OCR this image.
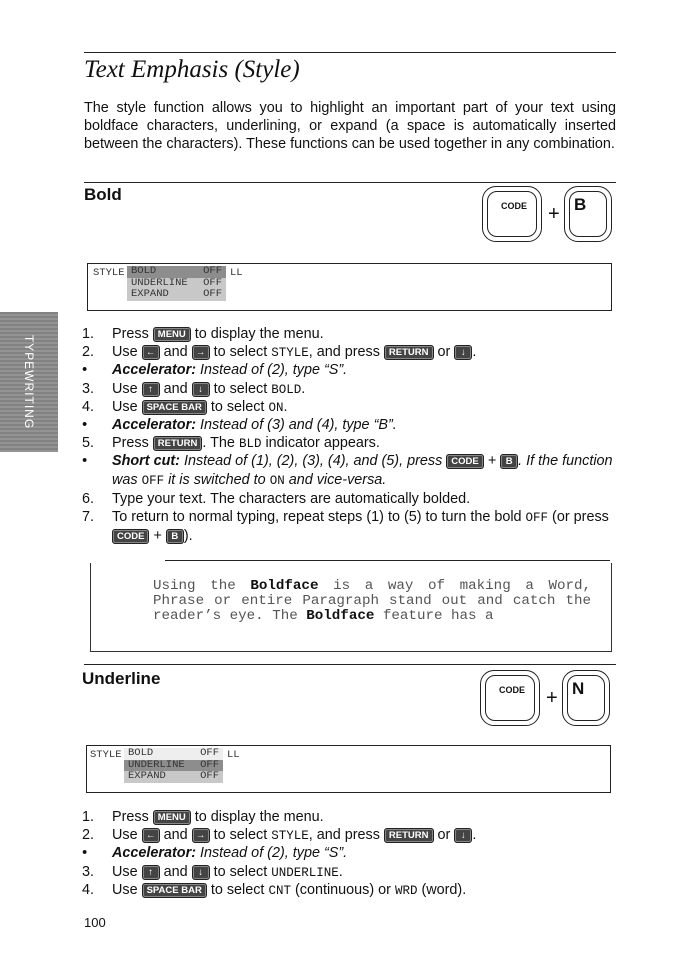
Text Emphasis (Style)
The style function allows you to highlight an important part of your text using boldface characters, underlining, or expand (a space is automatically inserted between the characters). These functions can be used together in any combination.
TYPEWRITING
Bold
CODE + B
STYLE	LL
BOLD	OFF
UNDERLINE OFF
EXPAND	OFF
1. Press MENU to display the menu.
2. Use ← and → to select STYLE, and press RETURN or ↓ .
• Accelerator: Instead of (2), type “S”.
3. Use ↑ and ↓ to select BOLD.
4. Use SPACE BAR to select ON.
• Accelerator: Instead of (3) and (4), type “B”.
5. Press RETURN . The BLD indicator appears.
• Short cut: Instead of (1), (2), (3), (4), and (5), press CODE + B . If the function was OFF it is switched to ON and vice-versa.
6. Type your text. The characters are automatically bolded.
7. To return to normal typing, repeat steps (1) to (5) to turn the bold OFF (or press CODE + B ).
Using the Boldface is a way of making a Word, Phrase or entire Paragraph stand out and catch the reader’s eye. The Boldface feature has a
Underline
CODE + N
STYLE	LL
BOLD	OFF
UNDERLINE OFF
EXPAND	OFF
1. Press MENU to display the menu.
2. Use ← and → to select STYLE, and press RETURN or ↓ .
• Accelerator: Instead of (2), type “S”.
3. Use ↑ and ↓ to select UNDERLINE.
4. Use SPACE BAR to select CNT (continuous) or WRD (word).
100
